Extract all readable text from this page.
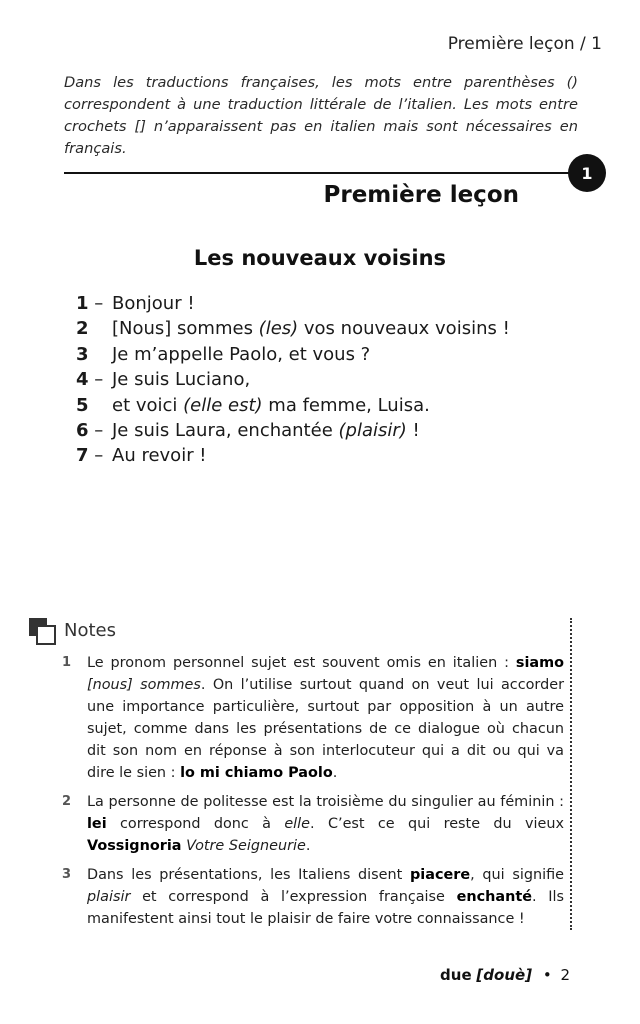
Première leçon / 1

Dans les traductions françaises, les mots entre parenthèses () correspondent à une traduction littérale de l’italien. Les mots entre crochets [] n’apparaissent pas en italien mais sont nécessaires en français.

1
Première leçon
Les nouveaux voisins
1 – Bonjour !
2	[Nous] sommes (les) vos nouveaux voisins !
3	Je m’appelle Paolo, et vous ?
4 – Je suis Luciano,
5	et voici (elle est) ma femme, Luisa.
6 – Je suis Laura, enchantée (plaisir) !
7 – Au revoir !
Notes
1	Le pronom personnel sujet est souvent omis en italien : siamo [nous] sommes. On l’utilise surtout quand on veut lui accorder une importance particulière, surtout par opposition à un autre sujet, comme dans les présentations de ce dialogue où chacun dit son nom en réponse à son interlocuteur qui a dit ou qui va dire le sien : lo mi chiamo Paolo.
2	La personne de politesse est la troisième du singulier au féminin : lei correspond donc à elle. C’est ce qui reste du vieux Vossignoria Votre Seigneurie.
3	Dans les présentations, les Italiens disent piacere, qui signifie plaisir et correspond à l’expression française enchanté. Ils manifestent ainsi tout le plaisir de faire votre connaissance !
due [douè] • 2
